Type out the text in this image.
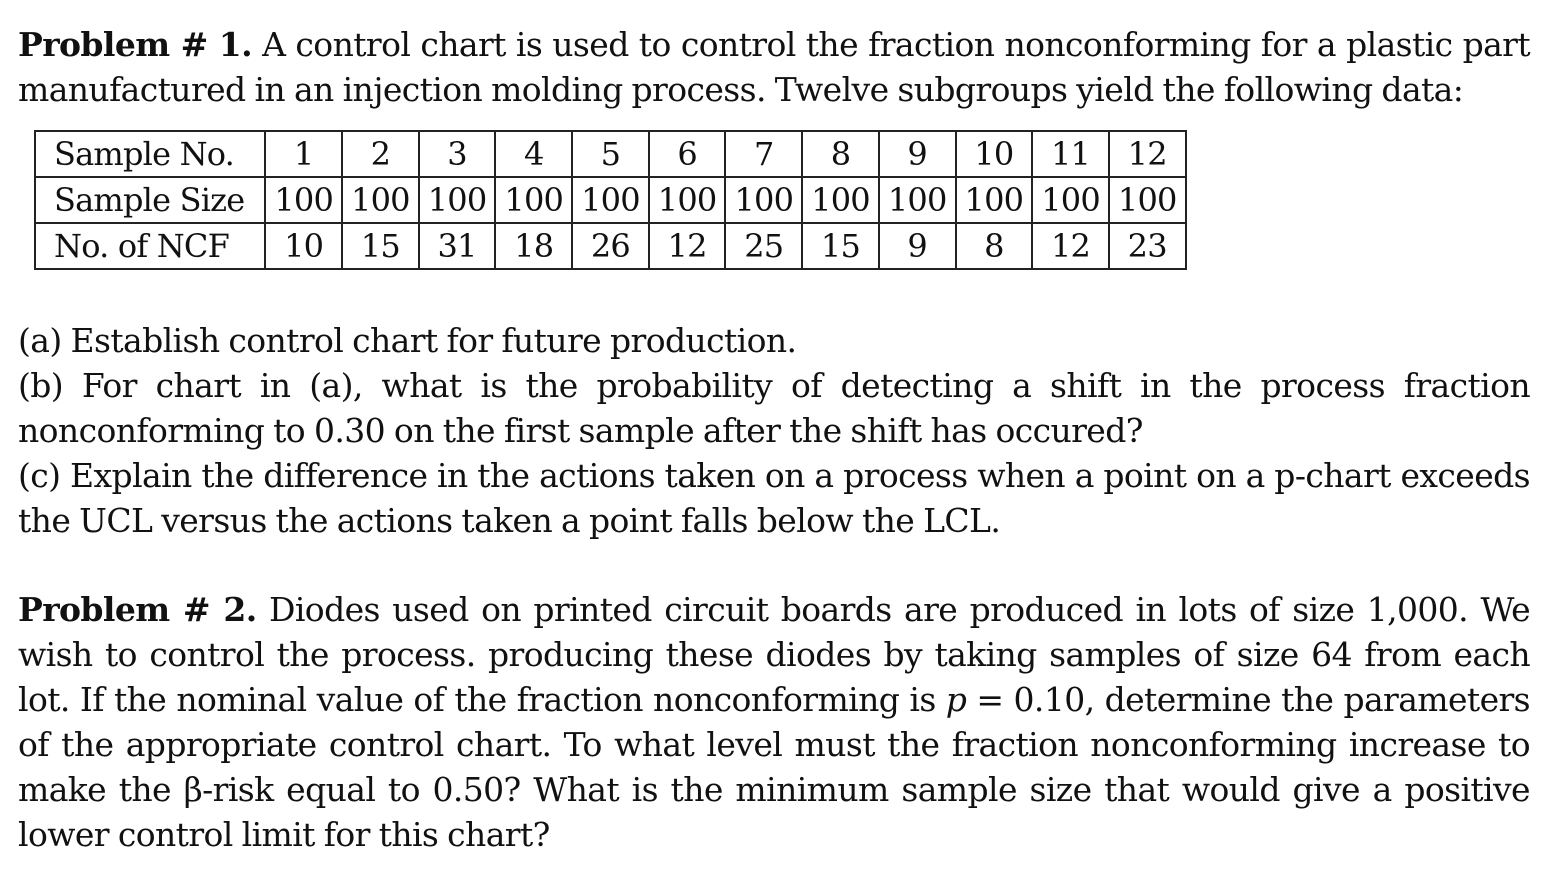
Problem # 1. A control chart is used to control the fraction nonconforming for a plastic part manufactured in an injection molding process. Twelve subgroups yield the following data:

Sample No.	1	2	3	4	5	6	7	8	9	10	11	12
Sample Size	100	100	100	100	100	100	100	100	100	100	100	100
No. of NCF	10	15	31	18	26	12	25	15	9	8	12	23

(a) Establish control chart for future production.

(b) For chart in (a), what is the probability of detecting a shift in the process fraction nonconforming to 0.30 on the first sample after the shift has occured?

(c) Explain the difference in the actions taken on a process when a point on a p-chart exceeds the UCL versus the actions taken a point falls below the LCL.

Problem # 2. Diodes used on printed circuit boards are produced in lots of size 1,000. We wish to control the process. producing these diodes by taking samples of size 64 from each lot. If the nominal value of the fraction nonconforming is p = 0.10, determine the parameters of the appropriate control chart. To what level must the fraction nonconforming increase to make the β-risk equal to 0.50? What is the minimum sample size that would give a positive lower control limit for this chart?
